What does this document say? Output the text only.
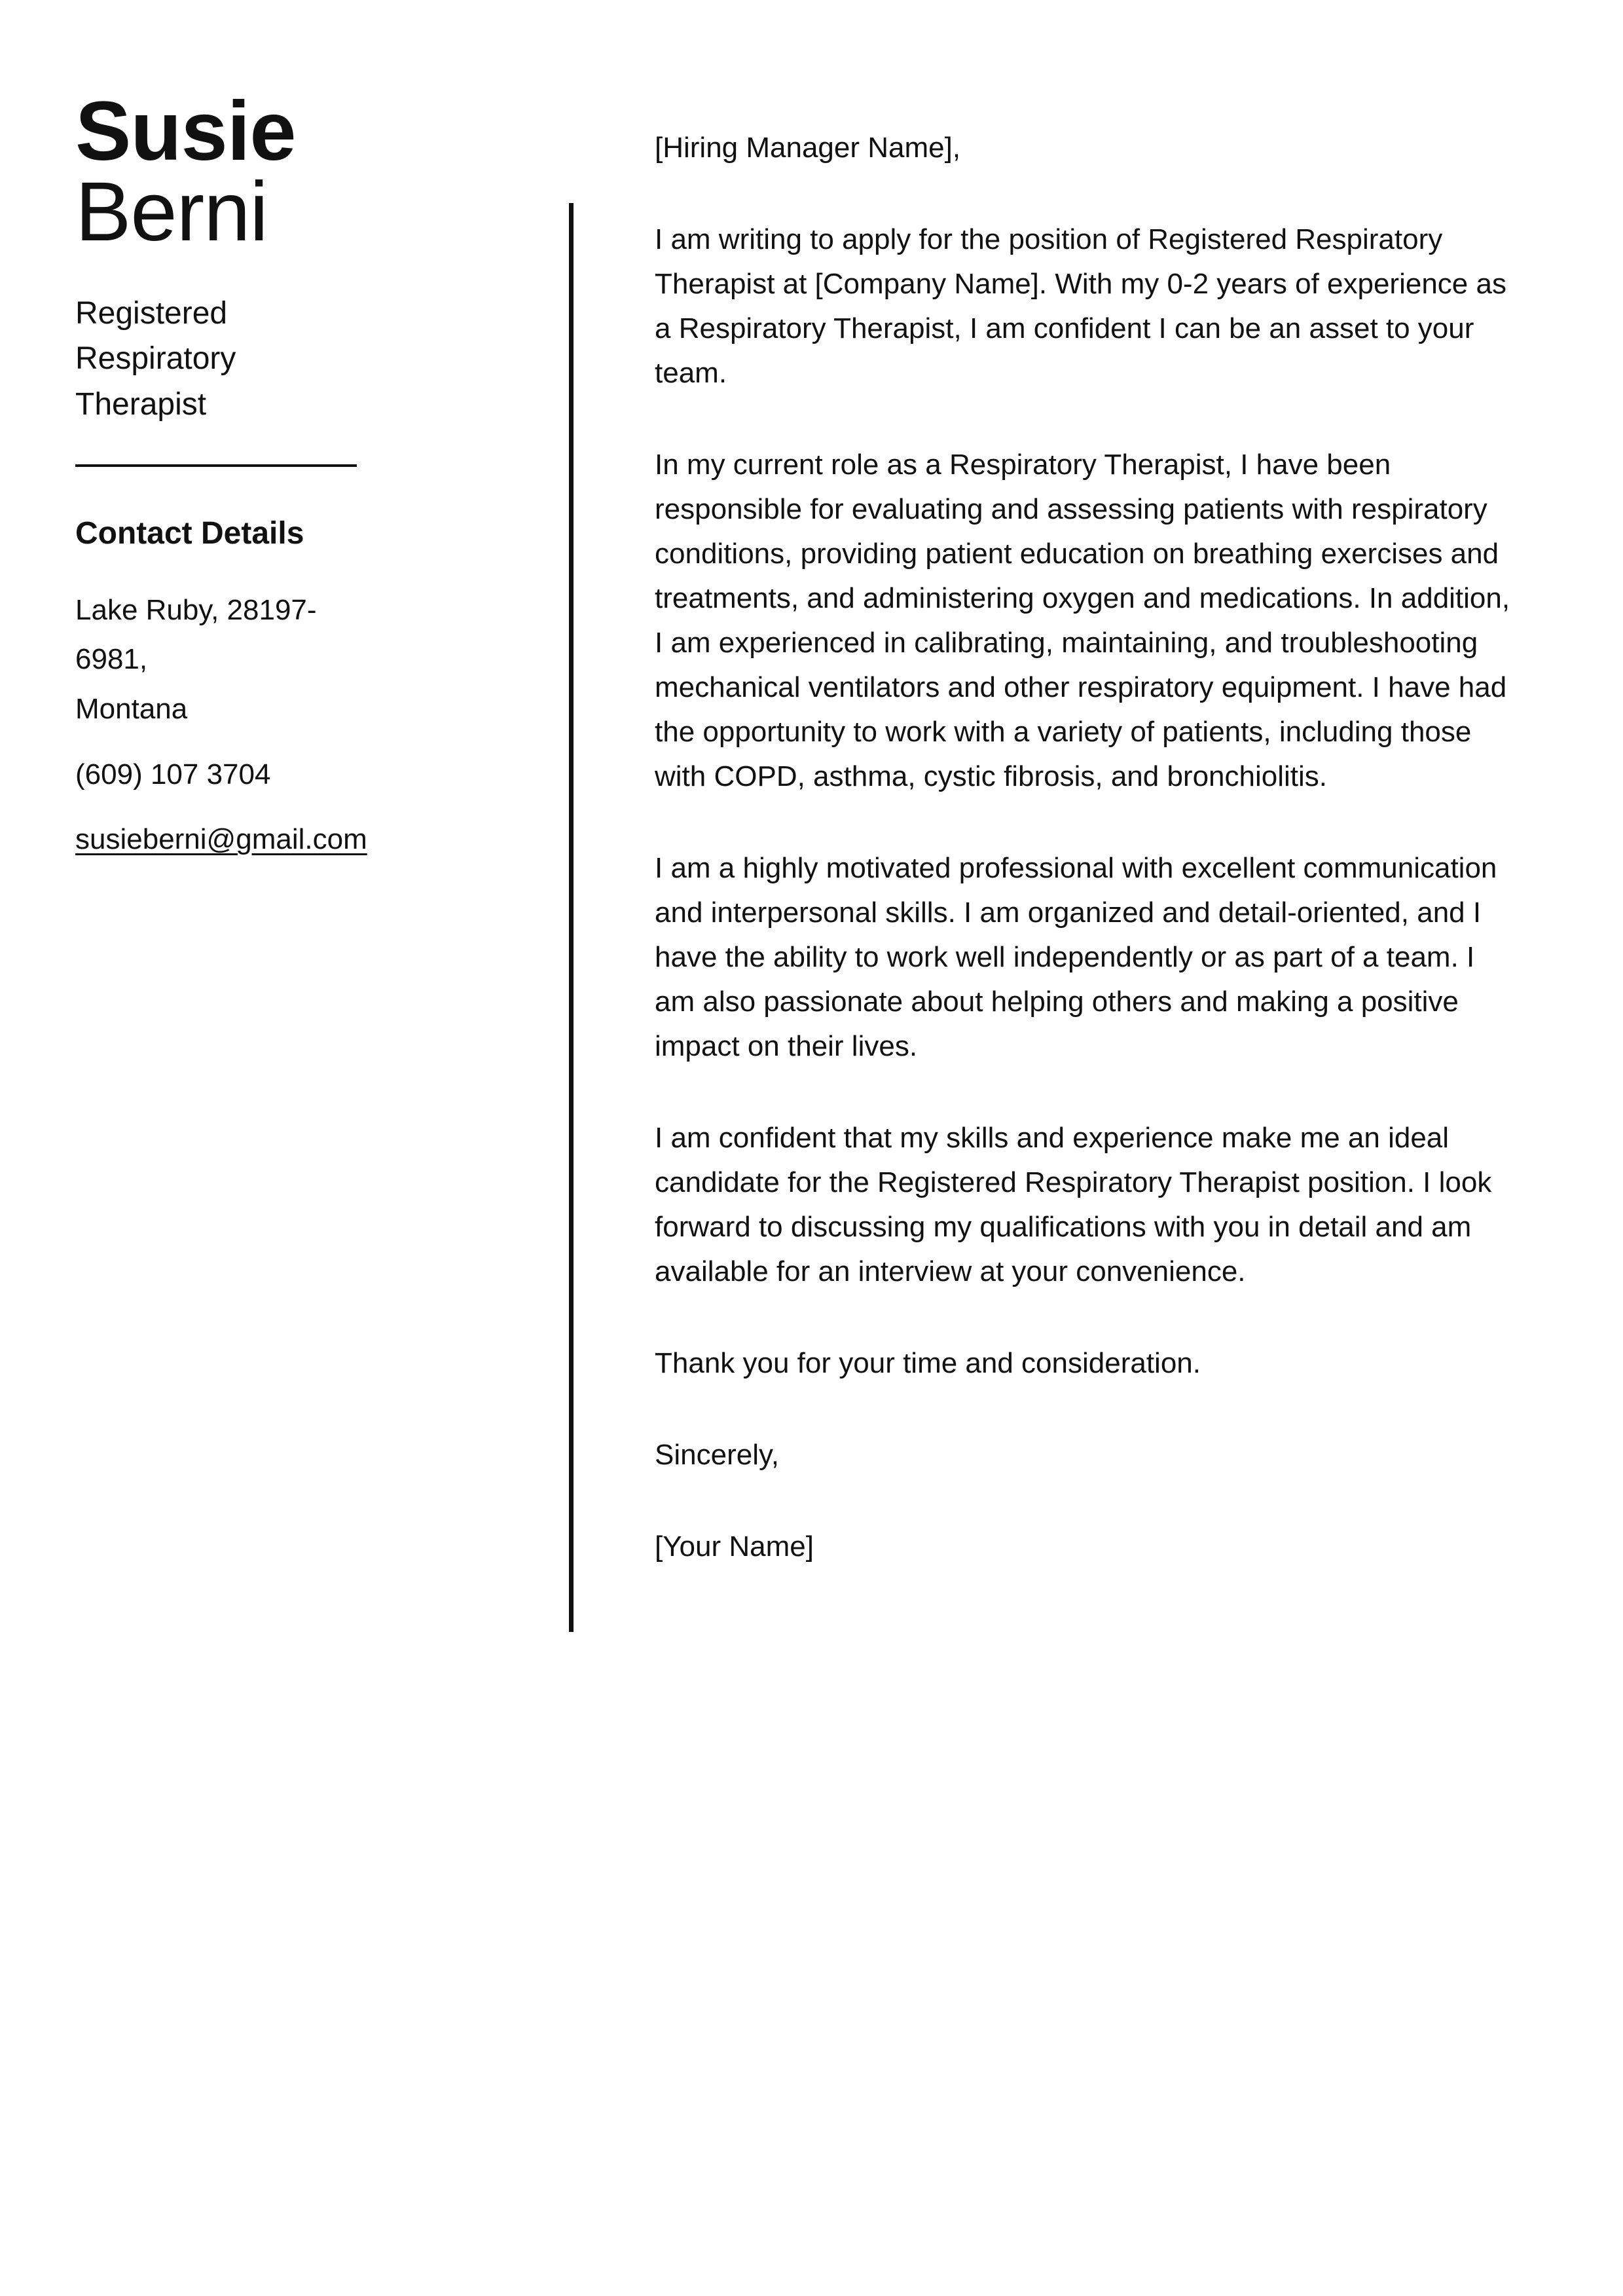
Susie
Berni
Registered Respiratory Therapist
Contact Details
Lake Ruby, 28197-6981,
Montana
(609) 107 3704
susieberni@gmail.com

[Hiring Manager Name],

I am writing to apply for the position of Registered Respiratory Therapist at [Company Name]. With my 0-2 years of experience as a Respiratory Therapist, I am confident I can be an asset to your team.

In my current role as a Respiratory Therapist, I have been responsible for evaluating and assessing patients with respiratory conditions, providing patient education on breathing exercises and treatments, and administering oxygen and medications. In addition, I am experienced in calibrating, maintaining, and troubleshooting mechanical ventilators and other respiratory equipment. I have had the opportunity to work with a variety of patients, including those with COPD, asthma, cystic fibrosis, and bronchiolitis.

I am a highly motivated professional with excellent communication and interpersonal skills. I am organized and detail-oriented, and I have the ability to work well independently or as part of a team. I am also passionate about helping others and making a positive impact on their lives.

I am confident that my skills and experience make me an ideal candidate for the Registered Respiratory Therapist position. I look forward to discussing my qualifications with you in detail and am available for an interview at your convenience.

Thank you for your time and consideration.

Sincerely,

[Your Name]
